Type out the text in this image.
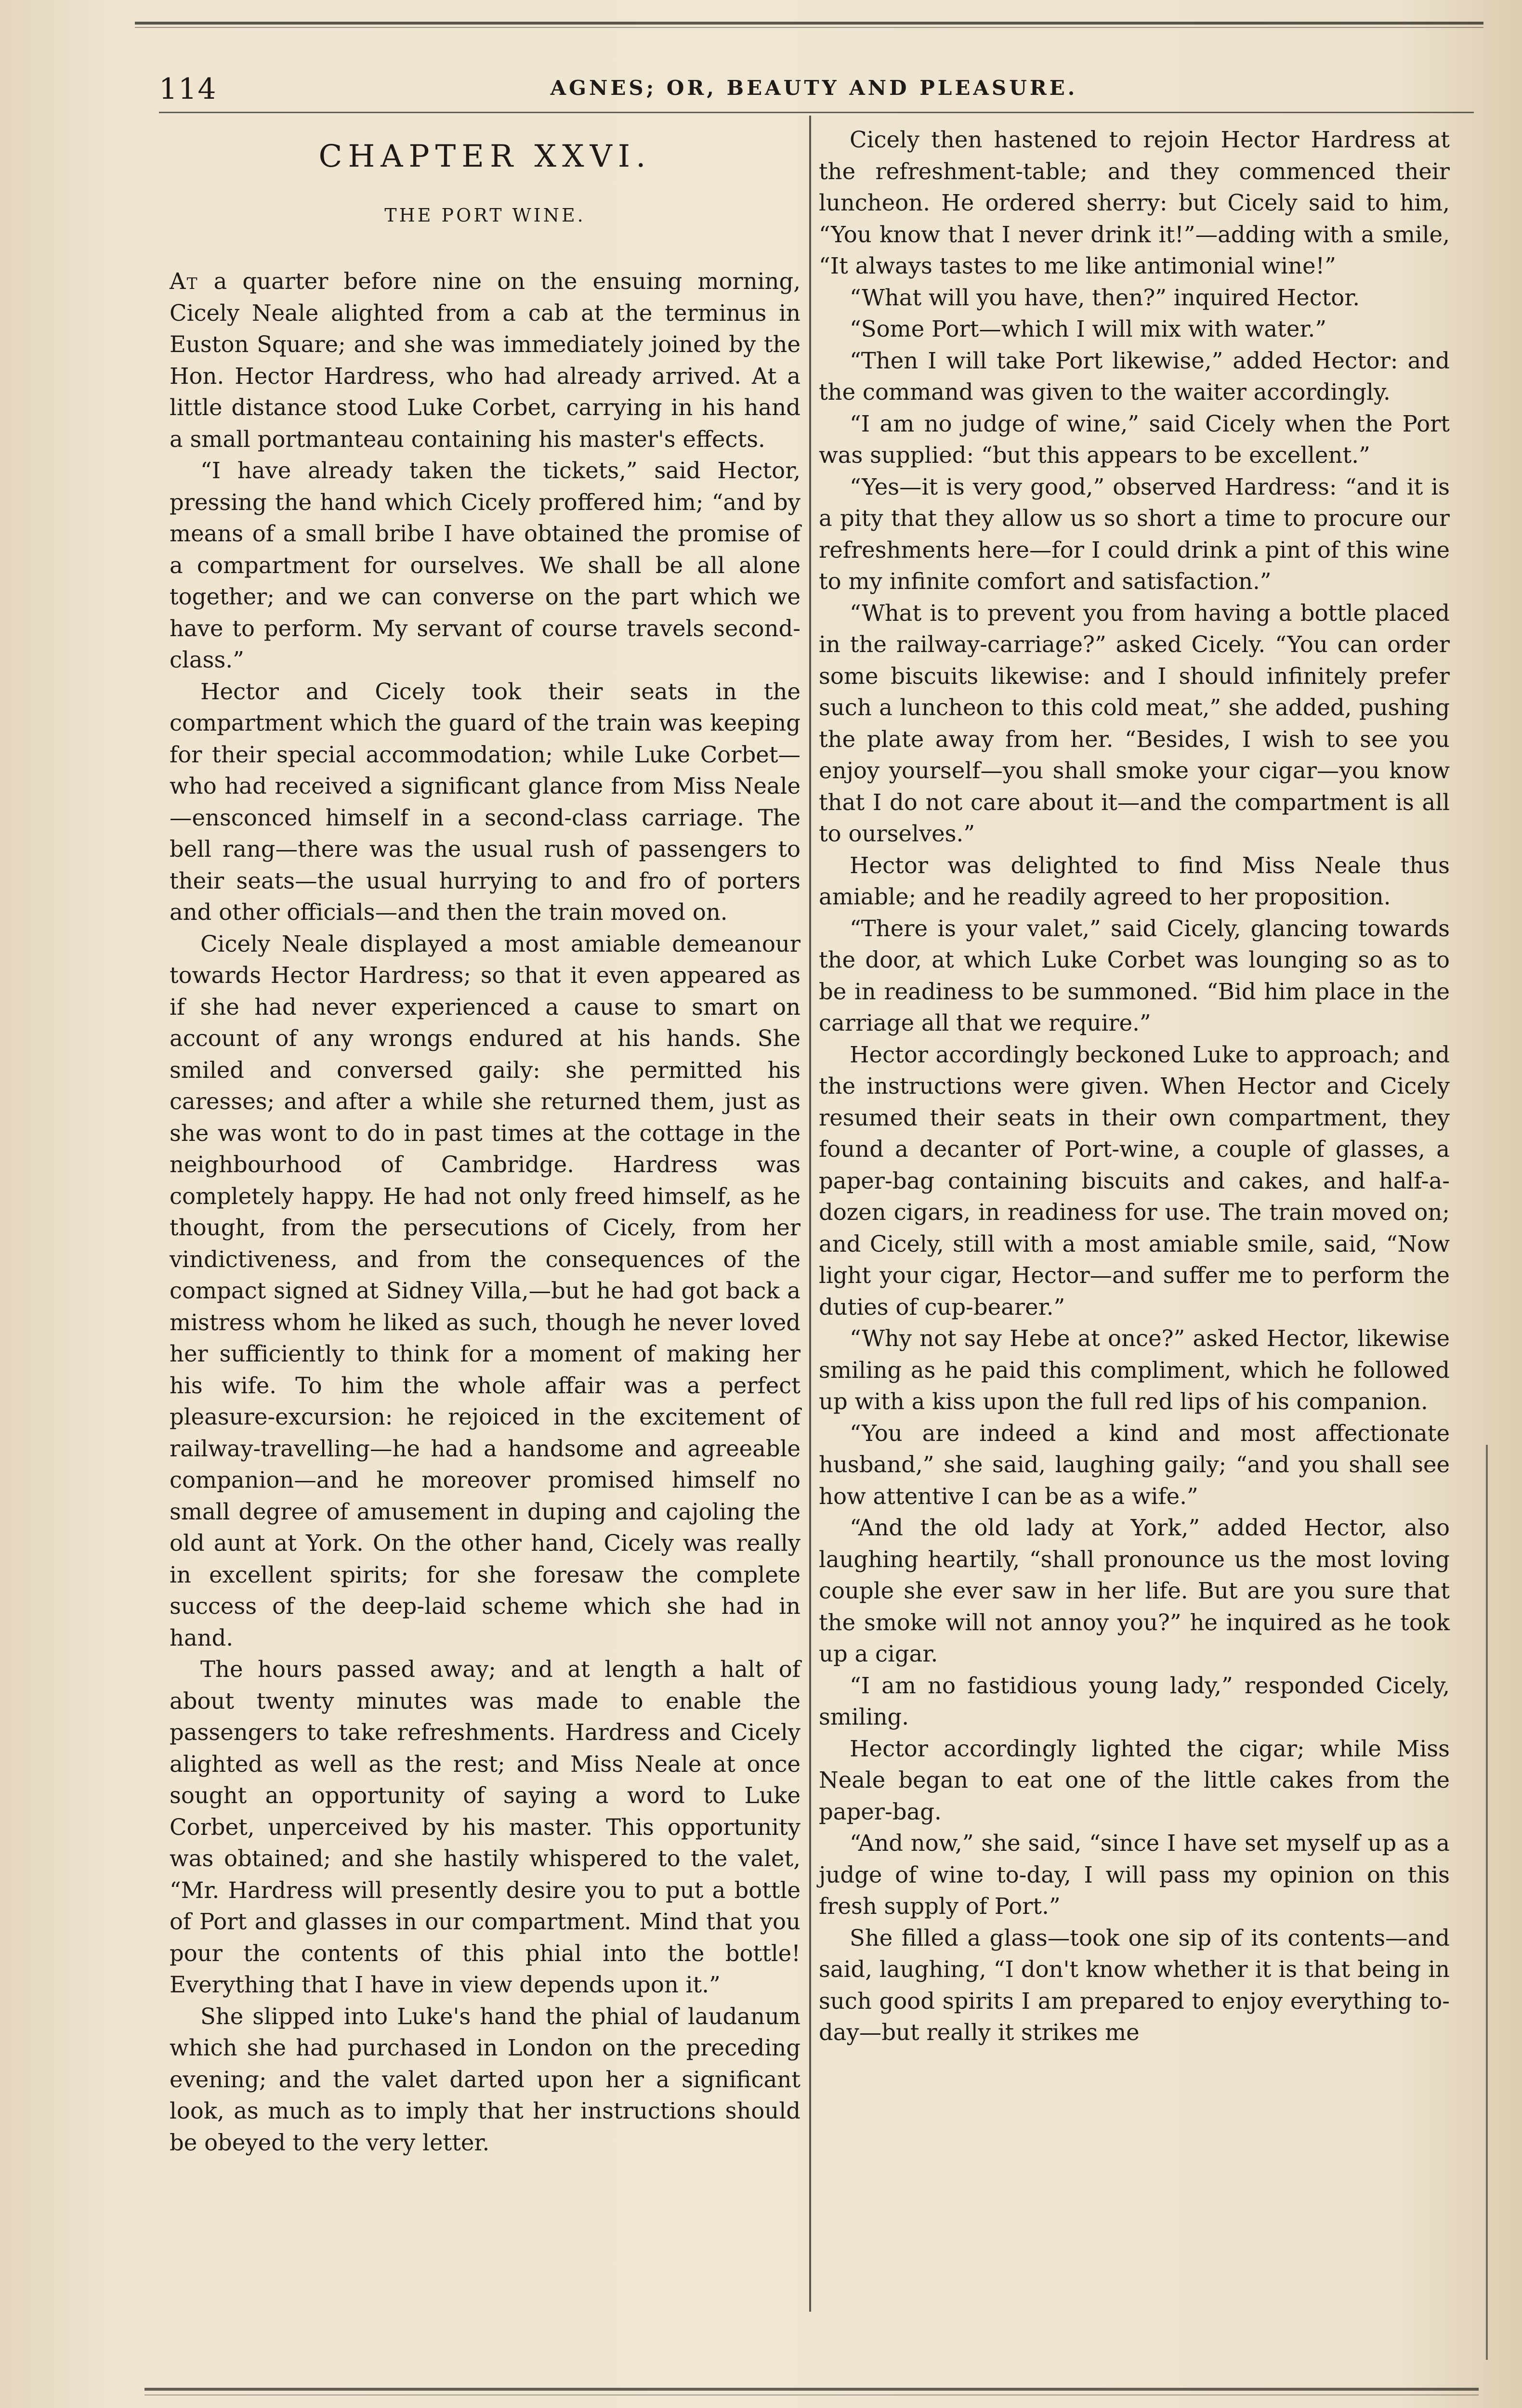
114	AGNES; OR, BEAUTY AND PLEASURE.
CHAPTER XXVI.
THE PORT WINE.

At a quarter before nine on the ensuing morning, Cicely Neale alighted from a cab at the terminus in Euston Square; and she was immediately joined by the Hon. Hector Hardress, who had already arrived. At a little distance stood Luke Corbet, carrying in his hand a small portmanteau containing his master's effects.

“I have already taken the tickets,” said Hector, pressing the hand which Cicely proffered him; “and by means of a small bribe I have obtained the promise of a compartment for ourselves. We shall be all alone together; and we can converse on the part which we have to perform. My servant of course travels second-class.”

Hector and Cicely took their seats in the compartment which the guard of the train was keeping for their special accommodation; while Luke Corbet—who had received a significant glance from Miss Neale—ensconced himself in a second-class carriage. The bell rang—there was the usual rush of passengers to their seats—the usual hurrying to and fro of porters and other officials—and then the train moved on.

Cicely Neale displayed a most amiable demeanour towards Hector Hardress; so that it even appeared as if she had never experienced a cause to smart on account of any wrongs endured at his hands. She smiled and conversed gaily: she permitted his caresses; and after a while she returned them, just as she was wont to do in past times at the cottage in the neighbourhood of Cambridge. Hardress was completely happy. He had not only freed himself, as he thought, from the persecutions of Cicely, from her vindictiveness, and from the consequences of the compact signed at Sidney Villa,—but he had got back a mistress whom he liked as such, though he never loved her sufficiently to think for a moment of making her his wife. To him the whole affair was a perfect pleasure-excursion: he rejoiced in the excitement of railway-travelling—he had a handsome and agreeable companion—and he moreover promised himself no small degree of amusement in duping and cajoling the old aunt at York. On the other hand, Cicely was really in excellent spirits; for she foresaw the complete success of the deep-laid scheme which she had in hand.

The hours passed away; and at length a halt of about twenty minutes was made to enable the passengers to take refreshments. Hardress and Cicely alighted as well as the rest; and Miss Neale at once sought an opportunity of saying a word to Luke Corbet, unperceived by his master. This opportunity was obtained; and she hastily whispered to the valet, “Mr. Hardress will presently desire you to put a bottle of Port and glasses in our compartment. Mind that you pour the contents of this phial into the bottle! Everything that I have in view depends upon it.”

She slipped into Luke's hand the phial of laudanum which she had purchased in London on the preceding evening; and the valet darted upon her a significant look, as much as to imply that her instructions should be obeyed to the very letter.

Cicely then hastened to rejoin Hector Hardress at the refreshment-table; and they commenced their luncheon. He ordered sherry: but Cicely said to him, “You know that I never drink it!”—adding with a smile, “It always tastes to me like antimonial wine!”

“What will you have, then?” inquired Hector.

“Some Port—which I will mix with water.”

“Then I will take Port likewise,” added Hector: and the command was given to the waiter accordingly.

“I am no judge of wine,” said Cicely when the Port was supplied: “but this appears to be excellent.”

“Yes—it is very good,” observed Hardress: “and it is a pity that they allow us so short a time to procure our refreshments here—for I could drink a pint of this wine to my infinite comfort and satisfaction.”

“What is to prevent you from having a bottle placed in the railway-carriage?” asked Cicely. “You can order some biscuits likewise: and I should infinitely prefer such a luncheon to this cold meat,” she added, pushing the plate away from her. “Besides, I wish to see you enjoy yourself—you shall smoke your cigar—you know that I do not care about it—and the compartment is all to ourselves.”

Hector was delighted to find Miss Neale thus amiable; and he readily agreed to her proposition.

“There is your valet,” said Cicely, glancing towards the door, at which Luke Corbet was lounging so as to be in readiness to be summoned. “Bid him place in the carriage all that we require.”

Hector accordingly beckoned Luke to approach; and the instructions were given. When Hector and Cicely resumed their seats in their own compartment, they found a decanter of Port-wine, a couple of glasses, a paper-bag containing biscuits and cakes, and half-a-dozen cigars, in readiness for use. The train moved on; and Cicely, still with a most amiable smile, said, “Now light your cigar, Hector—and suffer me to perform the duties of cup-bearer.”

“Why not say Hebe at once?” asked Hector, likewise smiling as he paid this compliment, which he followed up with a kiss upon the full red lips of his companion.

“You are indeed a kind and most affectionate husband,” she said, laughing gaily; “and you shall see how attentive I can be as a wife.”

“And the old lady at York,” added Hector, also laughing heartily, “shall pronounce us the most loving couple she ever saw in her life. But are you sure that the smoke will not annoy you?” he inquired as he took up a cigar.

“I am no fastidious young lady,” responded Cicely, smiling.

Hector accordingly lighted the cigar; while Miss Neale began to eat one of the little cakes from the paper-bag.

“And now,” she said, “since I have set myself up as a judge of wine to-day, I will pass my opinion on this fresh supply of Port.”

She filled a glass—took one sip of its contents—and said, laughing, “I don't know whether it is that being in such good spirits I am prepared to enjoy everything to-day—but really it strikes me
